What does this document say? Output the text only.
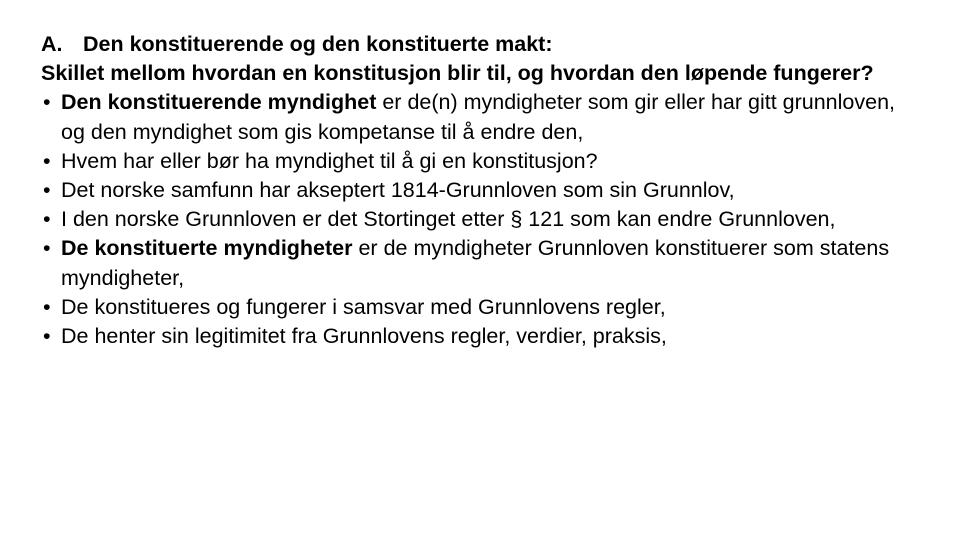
A. Den konstituerende og den konstituerte makt:
Skillet mellom hvordan en konstitusjon blir til, og hvordan den løpende fungerer?
• Den konstituerende myndighet er de(n) myndigheter som gir eller har gitt grunnloven, og den myndighet som gis kompetanse til å endre den,
• Hvem har eller bør ha myndighet til å gi en konstitusjon?
• Det norske samfunn har akseptert 1814-Grunnloven som sin Grunnlov,
• I den norske Grunnloven er det Stortinget etter § 121 som kan endre Grunnloven,
• De konstituerte myndigheter er de myndigheter Grunnloven konstituerer som statens myndigheter,
• De konstitueres og fungerer i samsvar med Grunnlovens regler,
• De henter sin legitimitet fra Grunnlovens regler, verdier, praksis,
